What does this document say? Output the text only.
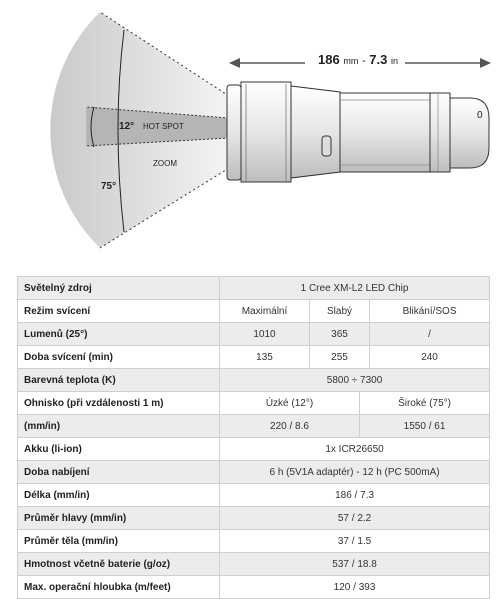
186 mm - 7.3 in
12° HOT SPOT
ZOOM
75°
0
Světelný zdroj	1 Cree XM-L2 LED Chip			
Režim svícení	Maximální	Slabý		Blikání/SOS
Lumenů (25°)	1010	365		/
Doba svícení (min)	135	255		240
Barevná teplota (K)	5800 ÷ 7300			
Ohnisko (při vzdálenosti 1 m)	Úzké (12°)		Široké (75°)	
(mm/in)	220 / 8.6		1550 / 61	
Akku (li-ion)	1x ICR26650			
Doba nabíjení	6 h (5V1A adaptér) - 12 h (PC 500mA)			
Délka (mm/in)	186 / 7.3			
Průměr hlavy (mm/in)	57 / 2.2			
Průměr těla (mm/in)	37 / 1.5			
Hmotnost včetně baterie (g/oz)	537 / 18.8			
Max. operační hloubka (m/feet)	120 / 393			
